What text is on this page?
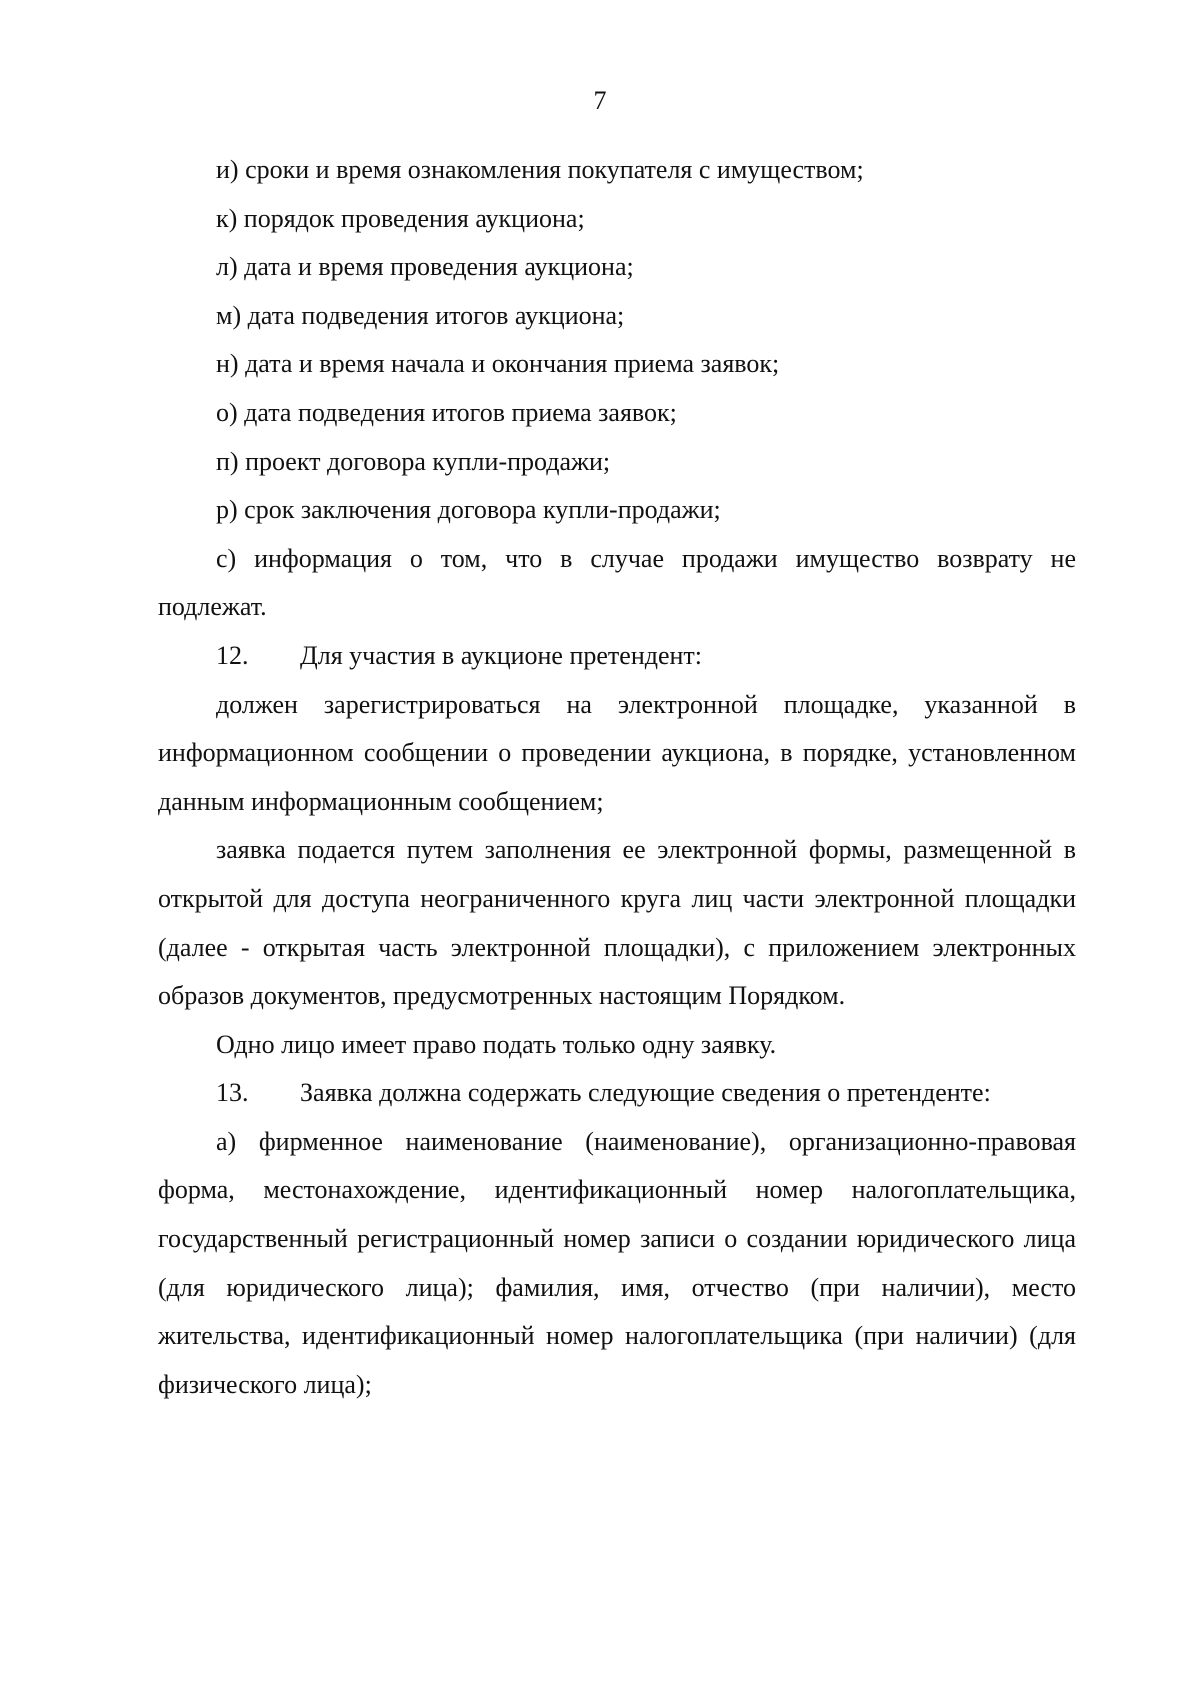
7

и) сроки и время ознакомления покупателя с имуществом;

к) порядок проведения аукциона;

л) дата и время проведения аукциона;

м) дата подведения итогов аукциона;

н) дата и время начала и окончания приема заявок;

о) дата подведения итогов приема заявок;

п) проект договора купли-продажи;

р) срок заключения договора купли-продажи;

с) информация о том, что в случае продажи имущество возврату не подлежат.

12.	Для участия в аукционе претендент:

должен зарегистрироваться на электронной площадке, указанной в информационном сообщении о проведении аукциона, в порядке, установленном данным информационным сообщением;

заявка подается путем заполнения ее электронной формы, размещенной в открытой для доступа неограниченного круга лиц части электронной площадки (далее - открытая часть электронной площадки), с приложением электронных образов документов, предусмотренных настоящим Порядком.

Одно лицо имеет право подать только одну заявку.

13.	Заявка должна содержать следующие сведения о претенденте:

а) фирменное наименование (наименование), организационно-правовая форма, местонахождение, идентификационный номер налогоплательщика, государственный регистрационный номер записи о создании юридического лица (для юридического лица); фамилия, имя, отчество (при наличии), место жительства, идентификационный номер налогоплательщика (при наличии) (для физического лица);
